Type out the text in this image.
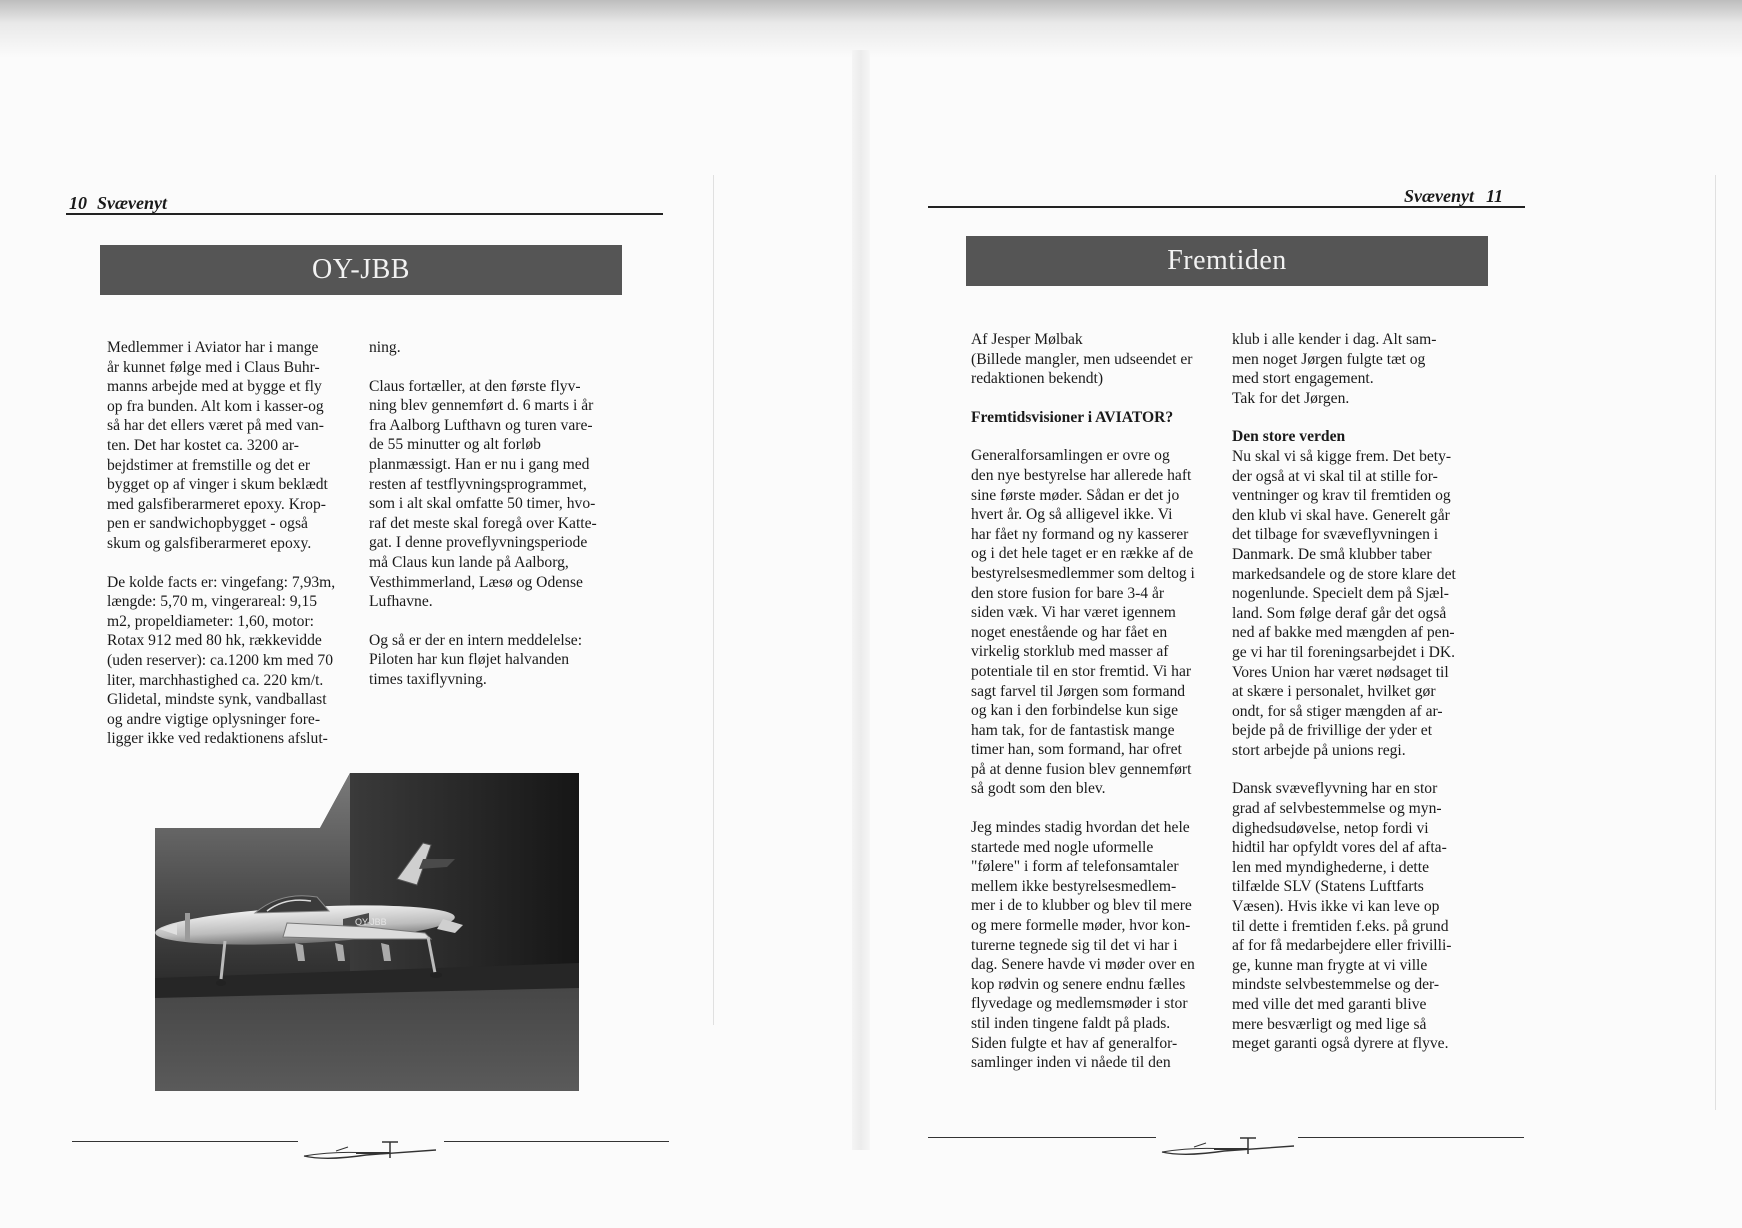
10 Svævenyt
OY-JBB

Medlemmer i Aviator har i mange
år kunnet følge med i Claus Buhr-
manns arbejde med at bygge et fly
op fra bunden. Alt kom i kasser-og
så har det ellers været på med van-
ten. Det har kostet ca. 3200 ar-
bejdstimer at fremstille og det er
bygget op af vinger i skum beklædt
med galsfiberarmeret epoxy. Krop-
pen er sandwichopbygget - også
skum og galsfiberarmeret epoxy.

De kolde facts er: vingefang: 7,93m,
længde: 5,70 m, vingerareal: 9,15
m2, propeldiameter: 1,60, motor:
Rotax 912 med 80 hk, rækkevidde
(uden reserver): ca.1200 km med 70
liter, marchhastighed ca. 220 km/t.
Glidetal, mindste synk, vandballast
og andre vigtige oplysninger fore-
ligger ikke ved redaktionens afslut-

ning.

Claus fortæller, at den første flyv-
ning blev gennemført d. 6 marts i år
fra Aalborg Lufthavn og turen vare-
de 55 minutter og alt forløb
planmæssigt. Han er nu i gang med
resten af testflyvningsprogrammet,
som i alt skal omfatte 50 timer, hvo-
raf det meste skal foregå over Katte-
gat. I denne proveflyvningsperiode
må Claus kun lande på Aalborg,
Vesthimmerland, Læsø og Odense
Lufhavne.

Og så er der en intern meddelelse:
Piloten har kun fløjet halvanden
times taxiflyvning.

OY-JBB
Svævenyt 11
Fremtiden

Af Jesper Mølbak

(Billede mangler, men udseendet er
redaktionen bekendt)

Fremtidsvisioner i AVIATOR?

Generalforsamlingen er ovre og
den nye bestyrelse har allerede haft
sine første møder. Sådan er det jo
hvert år. Og så alligevel ikke. Vi
har fået ny formand og ny kasserer
og i det hele taget er en række af de
bestyrelsesmedlemmer som deltog i
den store fusion for bare 3-4 år
siden væk. Vi har været igennem
noget enestående og har fået en
virkelig storklub med masser af
potentiale til en stor fremtid. Vi har
sagt farvel til Jørgen som formand
og kan i den forbindelse kun sige
ham tak, for de fantastisk mange
timer han, som formand, har ofret
på at denne fusion blev gennemført
så godt som den blev.

Jeg mindes stadig hvordan det hele
startede med nogle uformelle
"følere" i form af telefonsamtaler
mellem ikke bestyrelsesmedlem-
mer i de to klubber og blev til mere
og mere formelle møder, hvor kon-
turerne tegnede sig til det vi har i
dag. Senere havde vi møder over en
kop rødvin og senere endnu fælles
flyvedage og medlemsmøder i stor
stil inden tingene faldt på plads.
Siden fulgte et hav af generalfor-
samlinger inden vi nåede til den

klub i alle kender i dag. Alt sam-
men noget Jørgen fulgte tæt og
med stort engagement.
Tak for det Jørgen.

Den store verden

Nu skal vi så kigge frem. Det bety-
der også at vi skal til at stille for-
ventninger og krav til fremtiden og
den klub vi skal have. Generelt går
det tilbage for svæveflyvningen i
Danmark. De små klubber taber
markedsandele og de store klare det
nogenlunde. Specielt dem på Sjæl-
land. Som følge deraf går det også
ned af bakke med mængden af pen-
ge vi har til foreningsarbejdet i DK.
Vores Union har været nødsaget til
at skære i personalet, hvilket gør
ondt, for så stiger mængden af ar-
bejde på de frivillige der yder et
stort arbejde på unions regi.

Dansk svæveflyvning har en stor
grad af selvbestemmelse og myn-
dighedsudøvelse, netop fordi vi
hidtil har opfyldt vores del af afta-
len med myndighederne, i dette
tilfælde SLV (Statens Luftfarts
Væsen). Hvis ikke vi kan leve op
til dette i fremtiden f.eks. på grund
af for få medarbejdere eller frivilli-
ge, kunne man frygte at vi ville
mindste selvbestemmelse og der-
med ville det med garanti blive
mere besværligt og med lige så
meget garanti også dyrere at flyve.
